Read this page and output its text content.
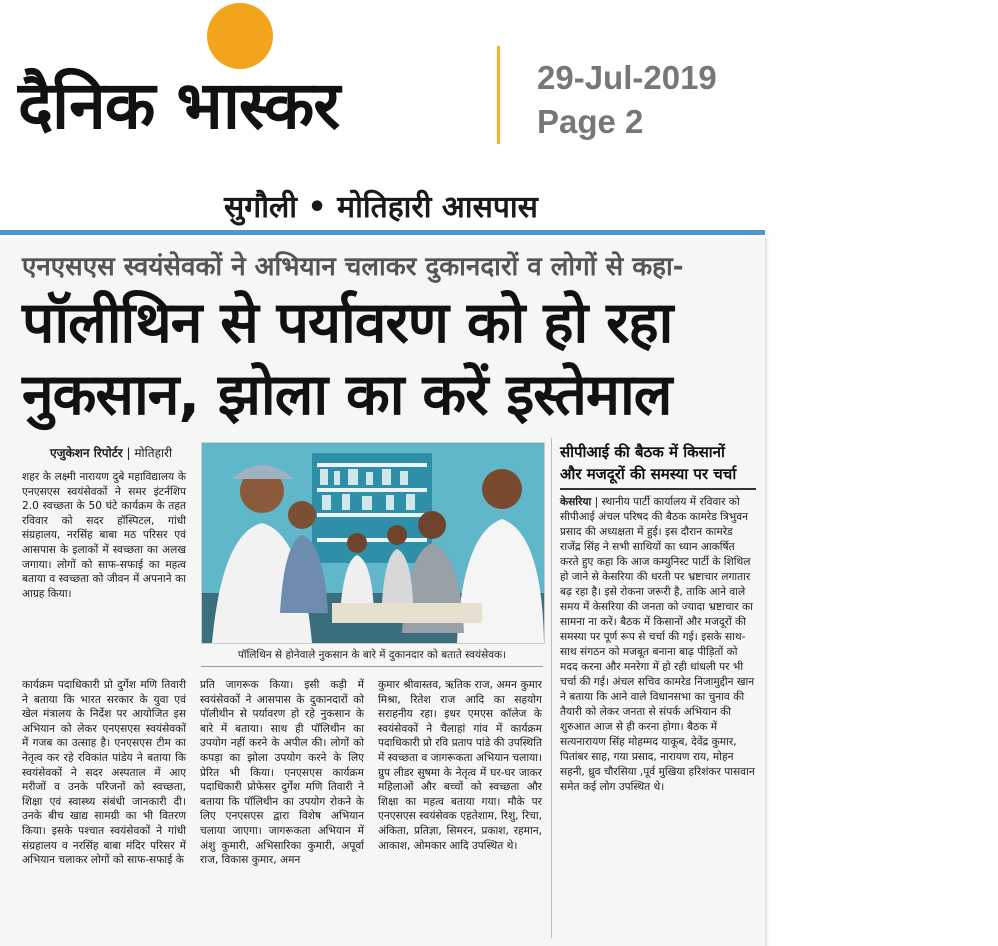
दैनिक भास्कर	29-Jul-2019
Page 2
सुगौली • मोतिहारी आसपास
एनएसएस स्वयंसेवकों ने अभियान चलाकर दुकानदारों व लोगों से कहा-
पॉलीथिन से पर्यावरण को हो रहा
नुकसान, झोला का करें इस्तेमाल
एजुकेशन रिपोर्टर | मोतिहारी
शहर के लक्ष्मी नारायण दुबे महाविद्यालय के एनएसएस स्वयंसेवकों ने समर इंटर्नशिप 2.0 स्वच्छता के 50 घंटे कार्यक्रम के तहत रविवार को सदर हॉस्पिटल, गांधी संग्रहालय, नरसिंह बाबा मठ परिसर एवं आसपास के इलाकों में स्वच्छता का अलख जगाया। लोगों को साफ-सफाई का महत्व बताया व स्वच्छता को जीवन में अपनाने का आग्रह किया।
कार्यक्रम पदाधिकारी प्रो दुर्गेश मणि तिवारी ने बताया कि भारत सरकार के युवा एवं खेल मंत्रालय के निर्देश पर आयोजित इस अभियान को लेकर एनएसएस स्वयंसेवकों में गजब का उत्साह है। एनएसएस टीम का नेतृत्व कर रहे रविकांत पांडेय ने बताया कि स्वयंसेवकों ने सदर अस्पताल में आए मरीजों व उनके परिजनों को स्वच्छता, शिक्षा एवं स्वास्थ्य संबंधी जानकारी दी। उनके बीच खाद्य सामग्री का भी वितरण किया। इसके पश्चात स्वयंसेवकों ने गांधी संग्रहालय व नरसिंह बाबा मंदिर परिसर में अभियान चलाकर लोगों को साफ-सफाई के
पॉलिथिन से होनेवाले नुकसान के बारे में दुकानदार को बताते स्वयंसेवक।
प्रति जागरूक किया। इसी कड़ी में स्वयंसेवकों ने आसपास के दुकानदारों को पॉलीथीन से पर्यावरण हो रहे नुकसान के बारे में बताया। साथ ही पॉलिथीन का उपयोग नहीं करने के अपील की। लोगों को कपड़ा का झोला उपयोग करने के लिए प्रेरित भी किया। एनएसएस कार्यक्रम पदाधिकारी प्रोफेसर दुर्गेश मणि तिवारी ने बताया कि पॉलिथीन का उपयोग रोकने के लिए एनएसएस द्वारा विशेष अभियान चलाया जाएगा। जागरूकता अभियान में अंशु कुमारी, अभिसारिका कुमारी, अपूर्वा राज, विकास कुमार, अमन
कुमार श्रीवास्तव, ऋतिक राज, अमन कुमार मिश्रा, रितेश राज आदि का सहयोग सराहनीय रहा। इधर एमएस कॉलेज के स्वयंसेवकों ने चैलाहां गांव में कार्यक्रम पदाधिकारी प्रो रवि प्रताप पांडे की उपस्थिति में स्वच्छता व जागरूकता अभियान चलाया। ग्रुप लीडर सुषमा के नेतृत्व में घर-घर जाकर महिलाओं और बच्चों को स्वच्छता और शिक्षा का महत्व बताया गया। मौके पर एनएसएस स्वयंसेवक एहतेशाम, रिशु, रिचा, अंकिता, प्रतिज्ञा, सिमरन, प्रकाश, रहमान, आकाश, ओमकार आदि उपस्थित थे।
सीपीआई की बैठक में किसानों
और मजदूरों की समस्या पर चर्चा
केसरिया | स्थानीय पार्टी कार्यालय में रविवार को सीपीआई अंचल परिषद की बैठक कामरेड त्रिभुवन प्रसाद की अध्यक्षता में हुई। इस दौरान कामरेड राजेंद्र सिंह ने सभी साथियों का ध्यान आकर्षित करते हुए कहा कि आज कम्युनिस्ट पार्टी के शिथिल हो जाने से केसरिया की धरती पर भ्रष्टाचार लगातार बढ़ रहा है। इसे रोकना जरूरी है, ताकि आने वाले समय में केसरिया की जनता को ज्यादा भ्रष्टाचार का सामना ना करें। बैठक में किसानों और मजदूरों की समस्या पर पूर्ण रूप से चर्चा की गई। इसके साथ-साथ संगठन को मजबूत बनाना बाढ़ पीड़ितों को मदद करना और मनरेगा में हो रही धांधली पर भी चर्चा की गई। अंचल सचिव कामरेड निजामुद्दीन खान ने बताया कि आने वाले विधानसभा का चुनाव की तैयारी को लेकर जनता से संपर्क अभियान की शुरुआत आज से ही करना होगा। बैठक में सत्यनारायण सिंह मोहम्मद याकूब, देवेंद्र कुमार, पितांबर साह, गया प्रसाद, नारायण राय, मोहन सहनी, ध्रुव चौरसिया ,पूर्व मुखिया हरिशंकर पासवान समेत कई लोग उपस्थित थे।
